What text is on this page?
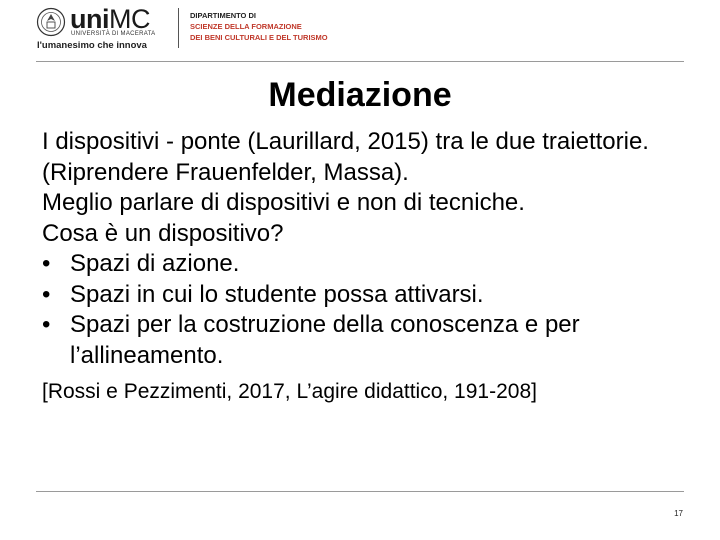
uniMC
UNIVERSITÀ DI MACERATA
l'umanesimo che innova
DIPARTIMENTO DI
SCIENZE DELLA FORMAZIONE
DEI BENI CULTURALI E DEL TURISMO
Mediazione

I dispositivi - ponte (Laurillard, 2015) tra le due traiettorie. (Riprendere Frauenfelder, Massa).

Meglio parlare di dispositivi e non di tecniche.

Cosa è un dispositivo?

• Spazi di azione.
• Spazi in cui lo studente possa attivarsi.
• Spazi per la costruzione della conoscenza e per l’allineamento.

[Rossi e Pezzimenti, 2017, L’agire didattico, 191-208]

17
